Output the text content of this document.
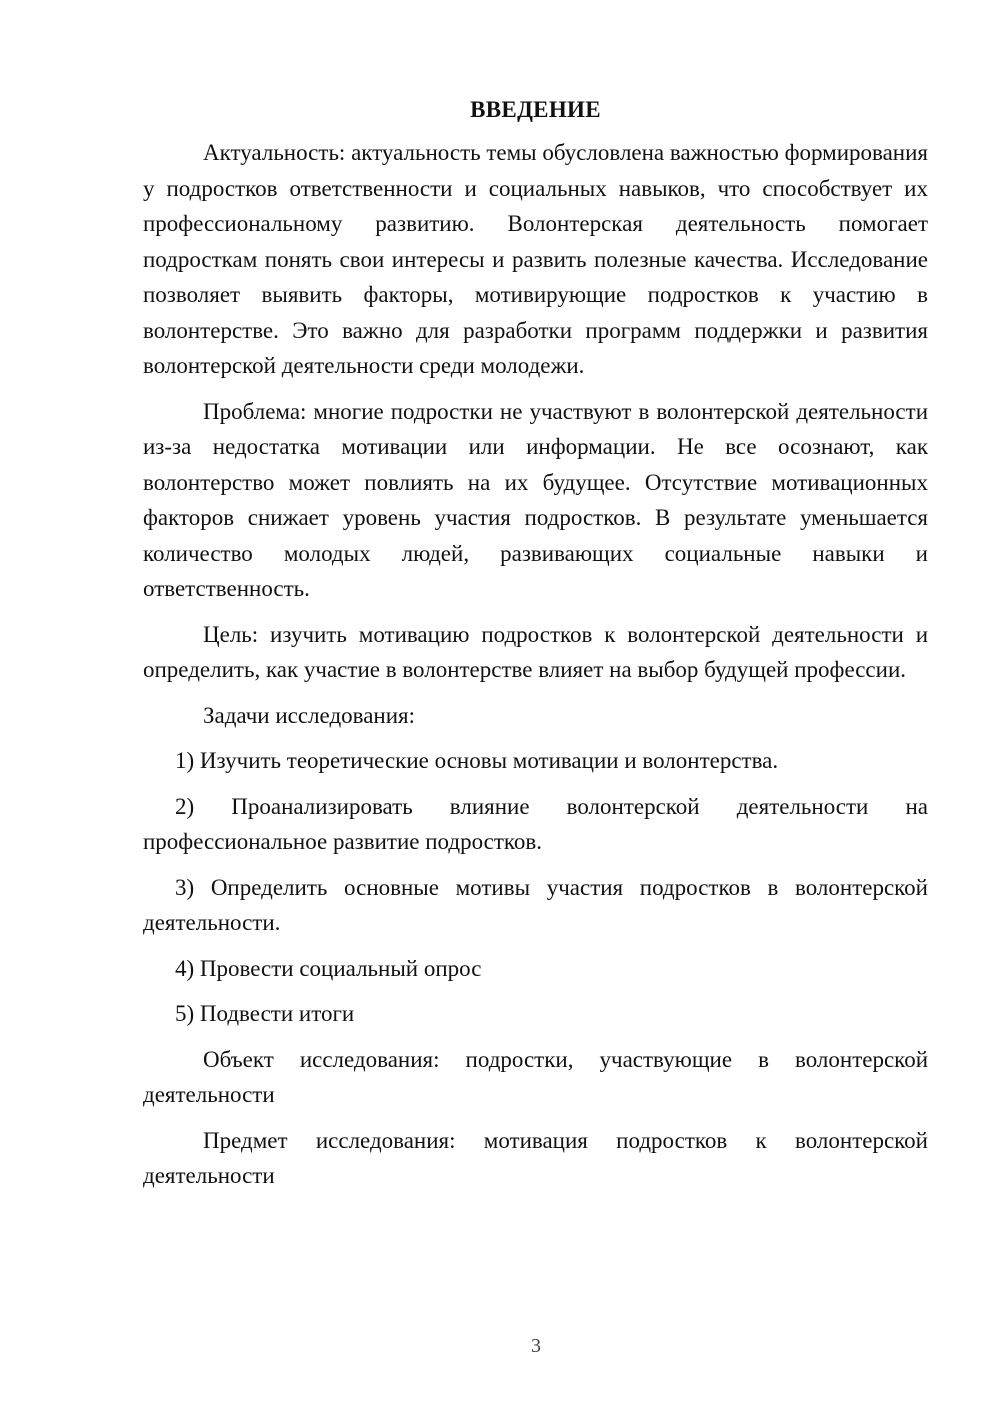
ВВЕДЕНИЕ

Актуальность: актуальность темы обусловлена важностью формирования у подростков ответственности и социальных навыков, что способствует их профессиональному развитию. Волонтерская деятельность помогает подросткам понять свои интересы и развить полезные качества. Исследование позволяет выявить факторы, мотивирующие подростков к участию в волонтерстве. Это важно для разработки программ поддержки и развития волонтерской деятельности среди молодежи.

Проблема: многие подростки не участвуют в волонтерской деятельности из-за недостатка мотивации или информации. Не все осознают, как волонтерство может повлиять на их будущее. Отсутствие мотивационных факторов снижает уровень участия подростков. В результате уменьшается количество молодых людей, развивающих социальные навыки и ответственность.

Цель: изучить мотивацию подростков к волонтерской деятельности и определить, как участие в волонтерстве влияет на выбор будущей профессии.

Задачи исследования:

1) Изучить теоретические основы мотивации и волонтерства.

2) Проанализировать влияние волонтерской деятельности на профессиональное развитие подростков.

3) Определить основные мотивы участия подростков в волонтерской деятельности.

4) Провести социальный опрос

5) Подвести итоги

Объект исследования: подростки, участвующие в волонтерской деятельности

Предмет исследования: мотивация подростков к волонтерской деятельности

3
